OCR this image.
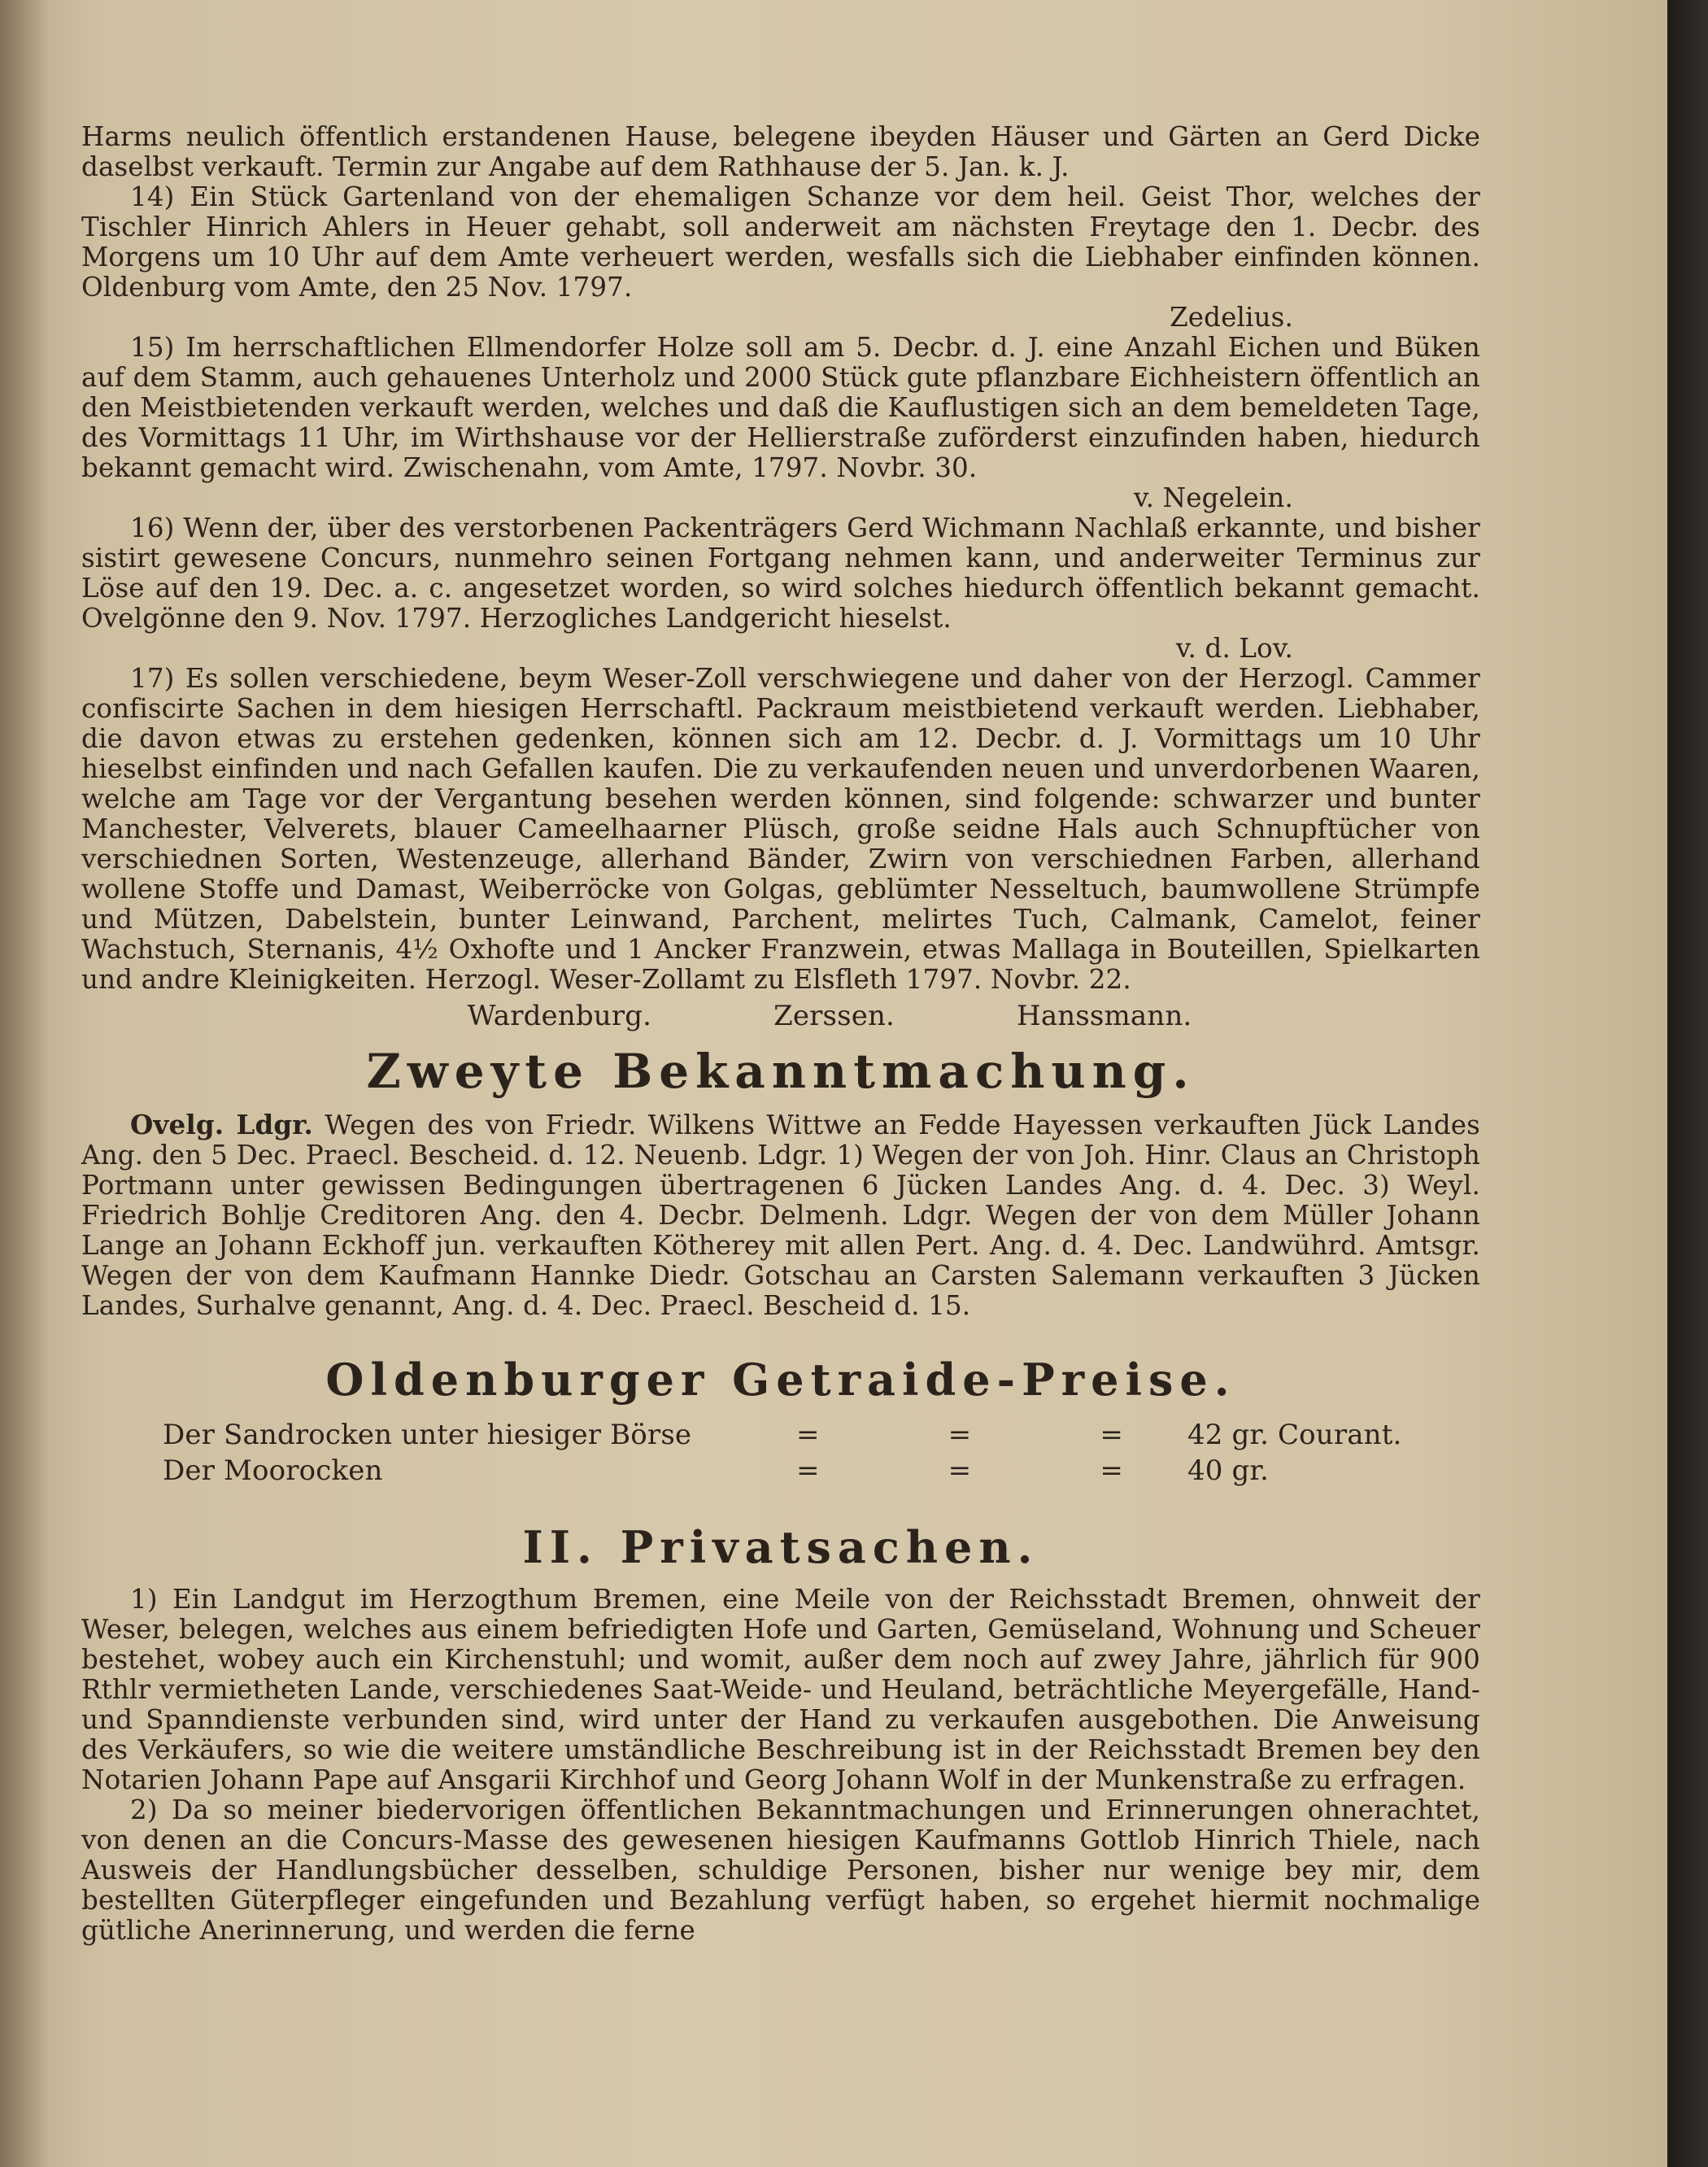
Harms neulich öffentlich erstandenen Hause, belegene ibeyden Häuser und Gärten an Gerd Dicke daselbst verkauft. Termin zur Angabe auf dem Rathhause der 5. Jan. k. J.

14) Ein Stück Gartenland von der ehemaligen Schanze vor dem heil. Geist Thor, welches der Tischler Hinrich Ahlers in Heuer gehabt, soll anderweit am nächsten Freytage den 1. Decbr. des Morgens um 10 Uhr auf dem Amte verheuert werden, wesfalls sich die Liebhaber einfinden können. Oldenburg vom Amte, den 25 Nov. 1797.

Zedelius.

15) Im herrschaftlichen Ellmendorfer Holze soll am 5. Decbr. d. J. eine Anzahl Eichen und Büken auf dem Stamm, auch gehauenes Unterholz und 2000 Stück gute pflanzbare Eichheistern öffentlich an den Meistbietenden verkauft werden, welches und daß die Kauflustigen sich an dem bemeldeten Tage, des Vormittags 11 Uhr, im Wirthshause vor der Hellierstraße zuförderst einzufinden haben, hiedurch bekannt gemacht wird. Zwischenahn, vom Amte, 1797. Novbr. 30.

v. Negelein.

16) Wenn der, über des verstorbenen Packenträgers Gerd Wichmann Nachlaß erkannte, und bisher sistirt gewesene Concurs, nunmehro seinen Fortgang nehmen kann, und anderweiter Terminus zur Löse auf den 19. Dec. a. c. angesetzet worden, so wird solches hiedurch öffentlich bekannt gemacht. Ovelgönne den 9. Nov. 1797. Herzogliches Landgericht hieselst.

v. d. Lov.

17) Es sollen verschiedene, beym Weser-Zoll verschwiegene und daher von der Herzogl. Cammer confiscirte Sachen in dem hiesigen Herrschaftl. Packraum meistbietend verkauft werden. Liebhaber, die davon etwas zu erstehen gedenken, können sich am 12. Decbr. d. J. Vormittags um 10 Uhr hieselbst einfinden und nach Gefallen kaufen. Die zu verkaufenden neuen und unverdorbenen Waaren, welche am Tage vor der Vergantung besehen werden können, sind folgende: schwarzer und bunter Manchester, Velverets, blauer Cameelhaarner Plüsch, große seidne Hals auch Schnupftücher von verschiednen Sorten, Westenzeuge, allerhand Bänder, Zwirn von verschiednen Farben, allerhand wollene Stoffe und Damast, Weiberröcke von Golgas, geblümter Nesseltuch, baumwollene Strümpfe und Mützen, Dabelstein, bunter Leinwand, Parchent, melirtes Tuch, Calmank, Camelot, feiner Wachstuch, Sternanis, 4½ Oxhofte und 1 Ancker Franzwein, etwas Mallaga in Bouteillen, Spielkarten und andre Kleinigkeiten. Herzogl. Weser-Zollamt zu Elsfleth 1797. Novbr. 22.

Wardenburg.	Zerssen.	Hanssmann.
Zweyte Bekanntmachung.

Ovelg. Ldgr. Wegen des von Friedr. Wilkens Wittwe an Fedde Hayessen verkauften Jück Landes Ang. den 5 Dec. Praecl. Bescheid. d. 12. Neuenb. Ldgr. 1) Wegen der von Joh. Hinr. Claus an Christoph Portmann unter gewissen Bedingungen übertragenen 6 Jücken Landes Ang. d. 4. Dec. 3) Weyl. Friedrich Bohlje Creditoren Ang. den 4. Decbr. Delmenh. Ldgr. Wegen der von dem Müller Johann Lange an Johann Eckhoff jun. verkauften Kötherey mit allen Pert. Ang. d. 4. Dec. Landwührd. Amtsgr. Wegen der von dem Kaufmann Hannke Diedr. Gotschau an Carsten Salemann verkauften 3 Jücken Landes, Surhalve genannt, Ang. d. 4. Dec. Praecl. Bescheid d. 15.

Oldenburger Getraide-Preise.
Der Sandrocken unter hiesiger Börse	=	=	= 42 gr. Courant.
Der Moorocken	=	=	= 40 gr.
II. Privatsachen.

1) Ein Landgut im Herzogthum Bremen, eine Meile von der Reichsstadt Bremen, ohnweit der Weser, belegen, welches aus einem befriedigten Hofe und Garten, Gemüseland, Wohnung und Scheuer bestehet, wobey auch ein Kirchenstuhl; und womit, außer dem noch auf zwey Jahre, jährlich für 900 Rthlr vermietheten Lande, verschiedenes Saat-Weide- und Heuland, beträchtliche Meyergefälle, Hand- und Spanndienste verbunden sind, wird unter der Hand zu verkaufen ausgebothen. Die Anweisung des Verkäufers, so wie die weitere umständliche Beschreibung ist in der Reichsstadt Bremen bey den Notarien Johann Pape auf Ansgarii Kirchhof und Georg Johann Wolf in der Munkenstraße zu erfragen.

2) Da so meiner biedervorigen öffentlichen Bekanntmachungen und Erinnerungen ohnerachtet, von denen an die Concurs-Masse des gewesenen hiesigen Kaufmanns Gottlob Hinrich Thiele, nach Ausweis der Handlungsbücher desselben, schuldige Personen, bisher nur wenige bey mir, dem bestellten Güterpfleger eingefunden und Bezahlung verfügt haben, so ergehet hiermit nochmalige gütliche Anerinnerung, und werden die ferne
